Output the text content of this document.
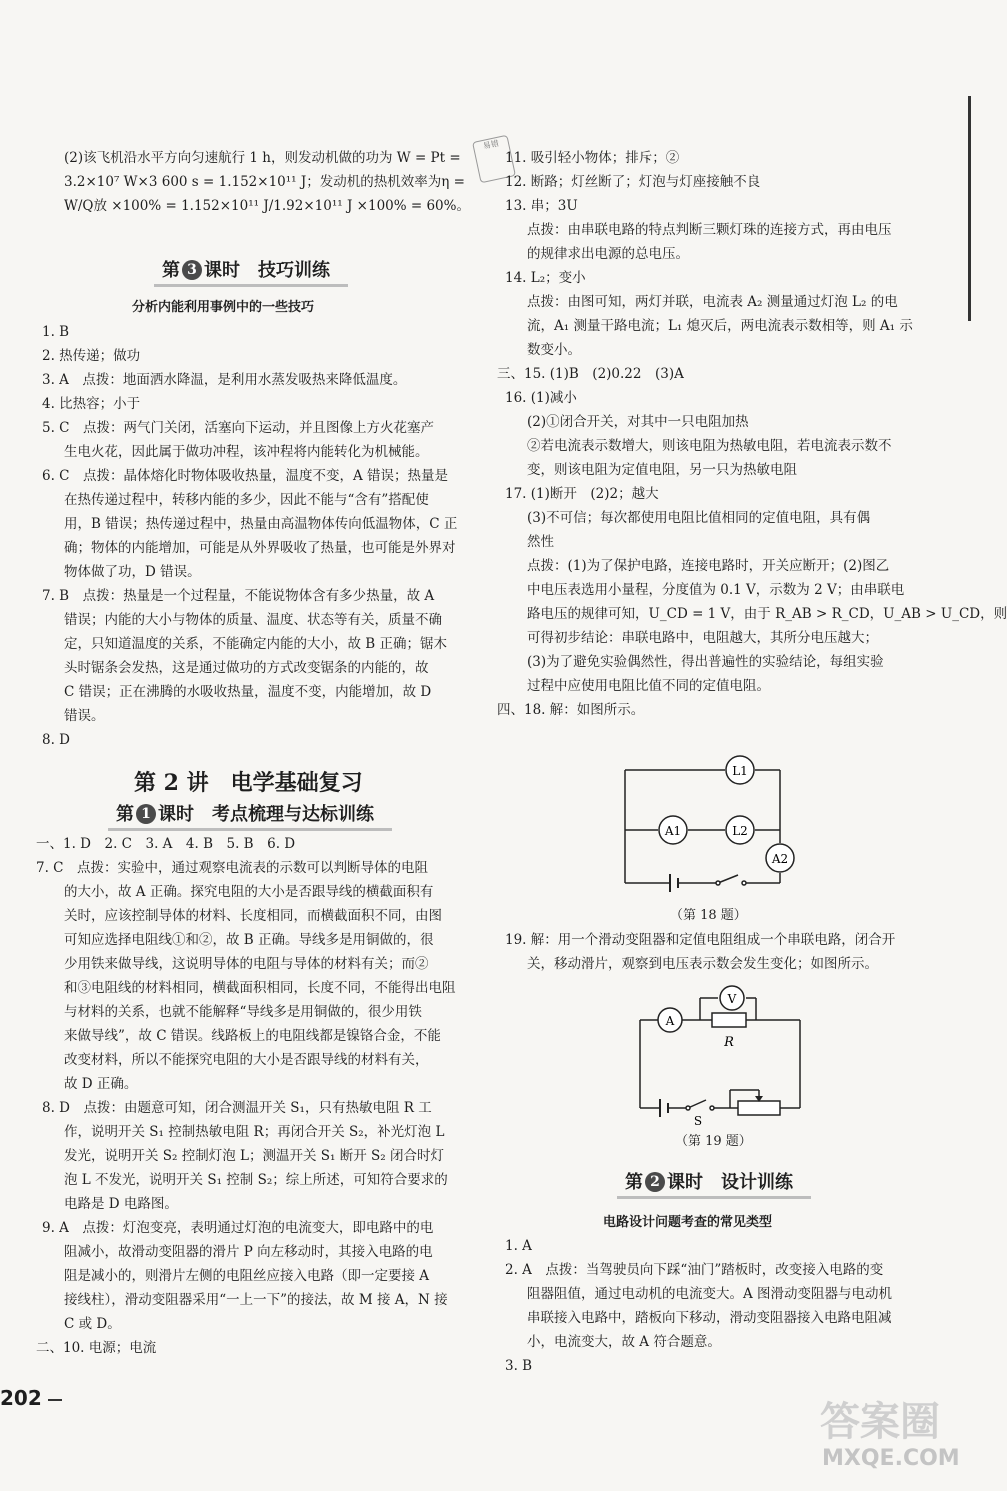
易错
(2)该飞机沿水平方向匀速航行 1 h，则发动机做的功为 W = Pt =
3.2×10⁷ W×3 600 s = 1.152×10¹¹ J；发动机的热机效率为η =
W/Q放 ×100% = 1.152×10¹¹ J/1.92×10¹¹ J ×100% = 60%。
第 3 课时　技巧训练
分析内能利用事例中的一些技巧
1. B
2. 热传递；做功
3. A　点拨：地面洒水降温，是利用水蒸发吸热来降低温度。
4. 比热容；小于
5. C　点拨：两气门关闭，活塞向下运动，并且图像上方火花塞产
生电火花，因此属于做功冲程，该冲程将内能转化为机械能。
6. C　点拨：晶体熔化时物体吸收热量，温度不变，A 错误；热量是
在热传递过程中，转移内能的多少，因此不能与“含有”搭配使
用，B 错误；热传递过程中，热量由高温物体传向低温物体，C 正
确；物体的内能增加，可能是从外界吸收了热量，也可能是外界对
物体做了功，D 错误。
7. B　点拨：热量是一个过程量，不能说物体含有多少热量，故 A
错误；内能的大小与物体的质量、温度、状态等有关，质量不确
定，只知道温度的关系，不能确定内能的大小，故 B 正确；锯木
头时锯条会发热，这是通过做功的方式改变锯条的内能的，故
C 错误；正在沸腾的水吸收热量，温度不变，内能增加，故 D
错误。
8. D
第 2 讲　电学基础复习
第 1 课时　考点梳理与达标训练
一、1. D　2. C　3. A　4. B　5. B　6. D
7. C　点拨：实验中，通过观察电流表的示数可以判断导体的电阻
的大小，故 A 正确。探究电阻的大小是否跟导线的横截面积有
关时，应该控制导体的材料、长度相同，而横截面积不同，由图
可知应选择电阻线①和②，故 B 正确。导线多是用铜做的，很
少用铁来做导线，这说明导体的电阻与导体的材料有关；而②
和③电阻线的材料相同，横截面积相同，长度不同，不能得出电阻
与材料的关系，也就不能解释“导线多是用铜做的，很少用铁
来做导线”，故 C 错误。线路板上的电阻线都是镍铬合金，不能
改变材料，所以不能探究电阻的大小是否跟导线的材料有关，
故 D 正确。
8. D　点拨：由题意可知，闭合测温开关 S₁，只有热敏电阻 R 工
作，说明开关 S₁ 控制热敏电阻 R；再闭合开关 S₂，补光灯泡 L
发光，说明开关 S₂ 控制灯泡 L；测温开关 S₁ 断开 S₂ 闭合时灯
泡 L 不发光，说明开关 S₁ 控制 S₂；综上所述，可知符合要求的
电路是 D 电路图。
9. A　点拨：灯泡变亮，表明通过灯泡的电流变大，即电路中的电
阻减小，故滑动变阻器的滑片 P 向左移动时，其接入电路的电
阻是减小的，则滑片左侧的电阻丝应接入电路（即一定要接 A
接线柱），滑动变阻器采用“一上一下”的接法，故 M 接 A，N 接
C 或 D。
二、10. 电源；电流
202
11. 吸引轻小物体；排斥；②
12. 断路；灯丝断了；灯泡与灯座接触不良
13. 串；3U
点拨：由串联电路的特点判断三颗灯珠的连接方式，再由电压
的规律求出电源的总电压。
14. L₂；变小
点拨：由图可知，两灯并联，电流表 A₂ 测量通过灯泡 L₂ 的电
流，A₁ 测量干路电流；L₁ 熄灭后，两电流表示数相等，则 A₁ 示
数变小。
三、15. (1)B　(2)0.22　(3)A
16. (1)减小
(2)①闭合开关，对其中一只电阻加热
②若电流表示数增大，则该电阻为热敏电阻，若电流表示数不
变，则该电阻为定值电阻，另一只为热敏电阻
17. (1)断开　(2)2；越大
(3)不可信；每次都使用电阻比值相同的定值电阻，具有偶
然性
点拨：(1)为了保护电路，连接电路时，开关应断开；(2)图乙
中电压表选用小量程，分度值为 0.1 V，示数为 2 V；由串联电
路电压的规律可知，U_CD = 1 V，由于 R_AB > R_CD，U_AB > U_CD，则
可得初步结论：串联电路中，电阻越大，其所分电压越大；
(3)为了避免实验偶然性，得出普遍性的实验结论，每组实验
过程中应使用电阻比值不同的定值电阻。
四、18. 解：如图所示。
L1
L2
A1
A2
（第 18 题）
19. 解：用一个滑动变阻器和定值电阻组成一个串联电路，闭合开
关，移动滑片，观察到电压表示数会发生变化；如图所示。
A
V
R
S
（第 19 题）
第 2 课时　设计训练
电路设计问题考查的常见类型
1. A
2. A　点拨：当驾驶员向下踩“油门”踏板时，改变接入电路的变
阻器阻值，通过电动机的电流变大。A 图滑动变阻器与电动机
串联接入电路中，踏板向下移动，滑动变阻器接入电路电阻减
小，电流变大，故 A 符合题意。
3. B
答案圈
MXQE.COM
